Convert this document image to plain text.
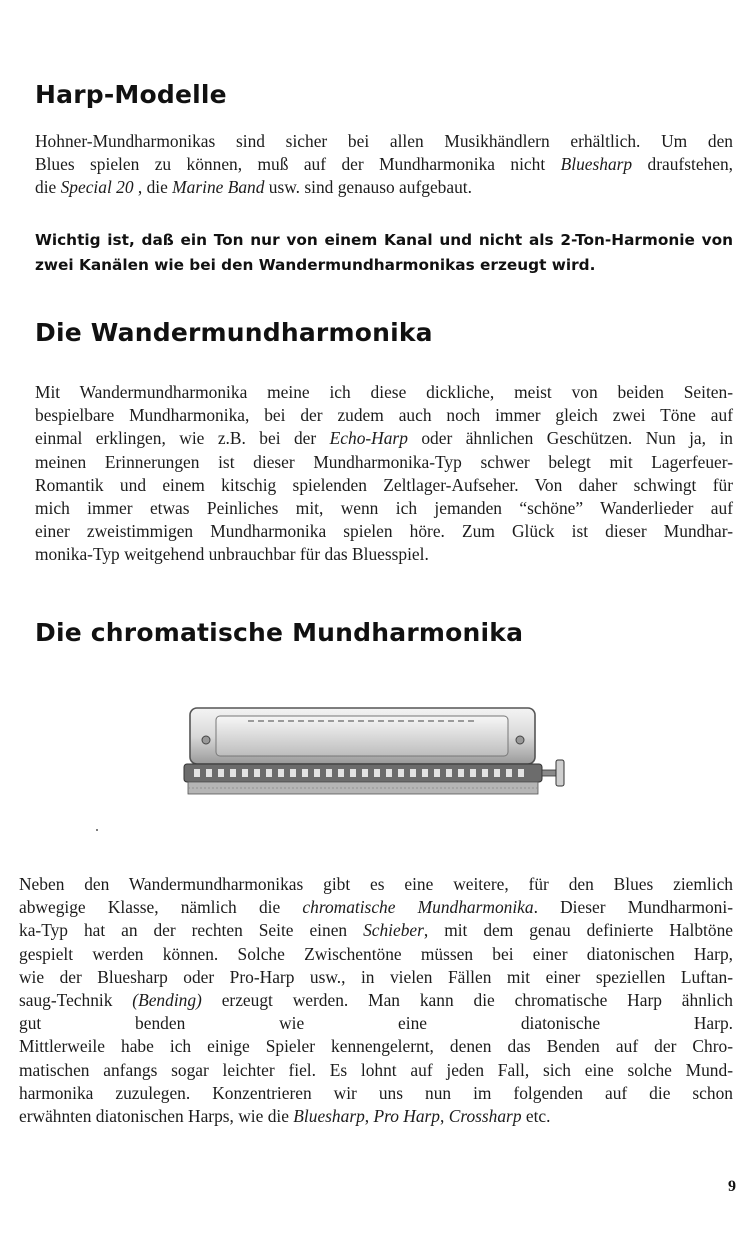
Harp-Modelle
Hohner-Mundharmonikas sind sicher bei allen Musikhändlern erhältlich. Um den
Blues spielen zu können, muß auf der Mundharmonika nicht Bluesharp draufstehen,
die Special 20 , die Marine Band usw. sind genauso aufgebaut.
Wichtig ist, daß ein Ton nur von einem Kanal und nicht als 2-Ton-Harmonie von
zwei Kanälen wie bei den Wandermundharmonikas erzeugt wird.
Die Wandermundharmonika
Mit Wandermundharmonika meine ich diese dickliche, meist von beiden Seiten-
bespielbare Mundharmonika, bei der zudem auch noch immer gleich zwei Töne auf
einmal erklingen, wie z.B. bei der Echo-Harp oder ähnlichen Geschützen. Nun ja, in
meinen Erinnerungen ist dieser Mundharmonika-Typ schwer belegt mit Lagerfeuer-
Romantik und einem kitschig spielenden Zeltlager-Aufseher. Von daher schwingt für
mich immer etwas Peinliches mit, wenn ich jemanden “schöne” Wanderlieder auf
einer zweistimmigen Mundharmonika spielen höre. Zum Glück ist dieser Mundhar-
monika-Typ weitgehend unbrauchbar für das Bluesspiel.
Die chromatische Mundharmonika
Neben den Wandermundharmonikas gibt es eine weitere, für den Blues ziemlich
abwegige Klasse, nämlich die chromatische Mundharmonika. Dieser Mundharmoni-
ka-Typ hat an der rechten Seite einen Schieber, mit dem genau definierte Halbtöne
gespielt werden können. Solche Zwischentöne müssen bei einer diatonischen Harp,
wie der Bluesharp oder Pro-Harp usw., in vielen Fällen mit einer speziellen Luftan-
saug-Technik (Bending) erzeugt werden. Man kann die chromatische Harp ähnlich
gut benden wie eine diatonische Harp.
Mittlerweile habe ich einige Spieler kennengelernt, denen das Benden auf der Chro-
matischen anfangs sogar leichter fiel. Es lohnt auf jeden Fall, sich eine solche Mund-
harmonika zuzulegen. Konzentrieren wir uns nun im folgenden auf die schon
erwähnten diatonischen Harps, wie die Bluesharp, Pro Harp, Crossharp etc.
9
